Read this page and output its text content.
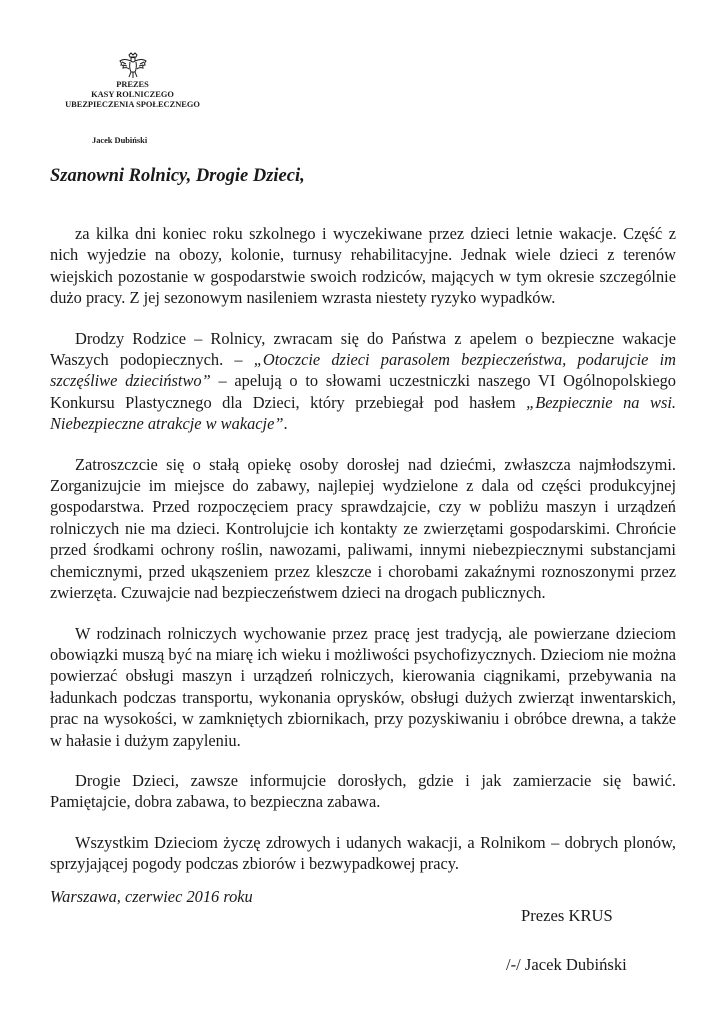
PREZES
KASY ROLNICZEGO
UBEZPIECZENIA SPOŁECZNEGO
Jacek Dubiński
Szanowni Rolnicy, Drogie Dzieci,

za kilka dni koniec roku szkolnego i wyczekiwane przez dzieci letnie wakacje. Część z nich wyjedzie na obozy, kolonie, turnusy rehabilitacyjne. Jednak wiele dzieci z terenów wiejskich pozostanie w gospodarstwie swoich rodziców, mających w tym okresie szczególnie dużo pracy. Z jej sezonowym nasileniem wzrasta niestety ryzyko wypadków.

Drodzy Rodzice – Rolnicy, zwracam się do Państwa z apelem o bezpieczne wakacje Waszych podopiecznych. – „Otoczcie dzieci parasolem bezpieczeństwa, podarujcie im szczęśliwe dzieciństwo” – apelują o to słowami uczestniczki naszego VI Ogólnopolskiego Konkursu Plastycznego dla Dzieci, który przebiegał pod hasłem „Bezpiecznie na wsi. Niebezpieczne atrakcje w wakacje”.

Zatroszczcie się o stałą opiekę osoby dorosłej nad dziećmi, zwłaszcza najmłodszymi. Zorganizujcie im miejsce do zabawy, najlepiej wydzielone z dala od części produkcyjnej gospodarstwa. Przed rozpoczęciem pracy sprawdzajcie, czy w pobliżu maszyn i urządzeń rolniczych nie ma dzieci. Kontrolujcie ich kontakty ze zwierzętami gospodarskimi. Chrońcie przed środkami ochrony roślin, nawozami, paliwami, innymi niebezpiecznymi substancjami chemicznymi, przed ukąszeniem przez kleszcze i chorobami zakaźnymi roznoszonymi przez zwierzęta. Czuwajcie nad bezpieczeństwem dzieci na drogach publicznych.

W rodzinach rolniczych wychowanie przez pracę jest tradycją, ale powierzane dzieciom obowiązki muszą być na miarę ich wieku i możliwości psychofizycznych. Dzieciom nie można powierzać obsługi maszyn i urządzeń rolniczych, kierowania ciągnikami, przebywania na ładunkach podczas transportu, wykonania oprysków, obsługi dużych zwierząt inwentarskich, prac na wysokości, w zamkniętych zbiornikach, przy pozyskiwaniu i obróbce drewna, a także w hałasie i dużym zapyleniu.

Drogie Dzieci, zawsze informujcie dorosłych, gdzie i jak zamierzacie się bawić. Pamiętajcie, dobra zabawa, to bezpieczna zabawa.

Wszystkim Dzieciom życzę zdrowych i udanych wakacji, a Rolnikom – dobrych plonów, sprzyjającej pogody podczas zbiorów i bezwypadkowej pracy.

Warszawa, czerwiec 2016 roku
Prezes KRUS
/-/ Jacek Dubiński
